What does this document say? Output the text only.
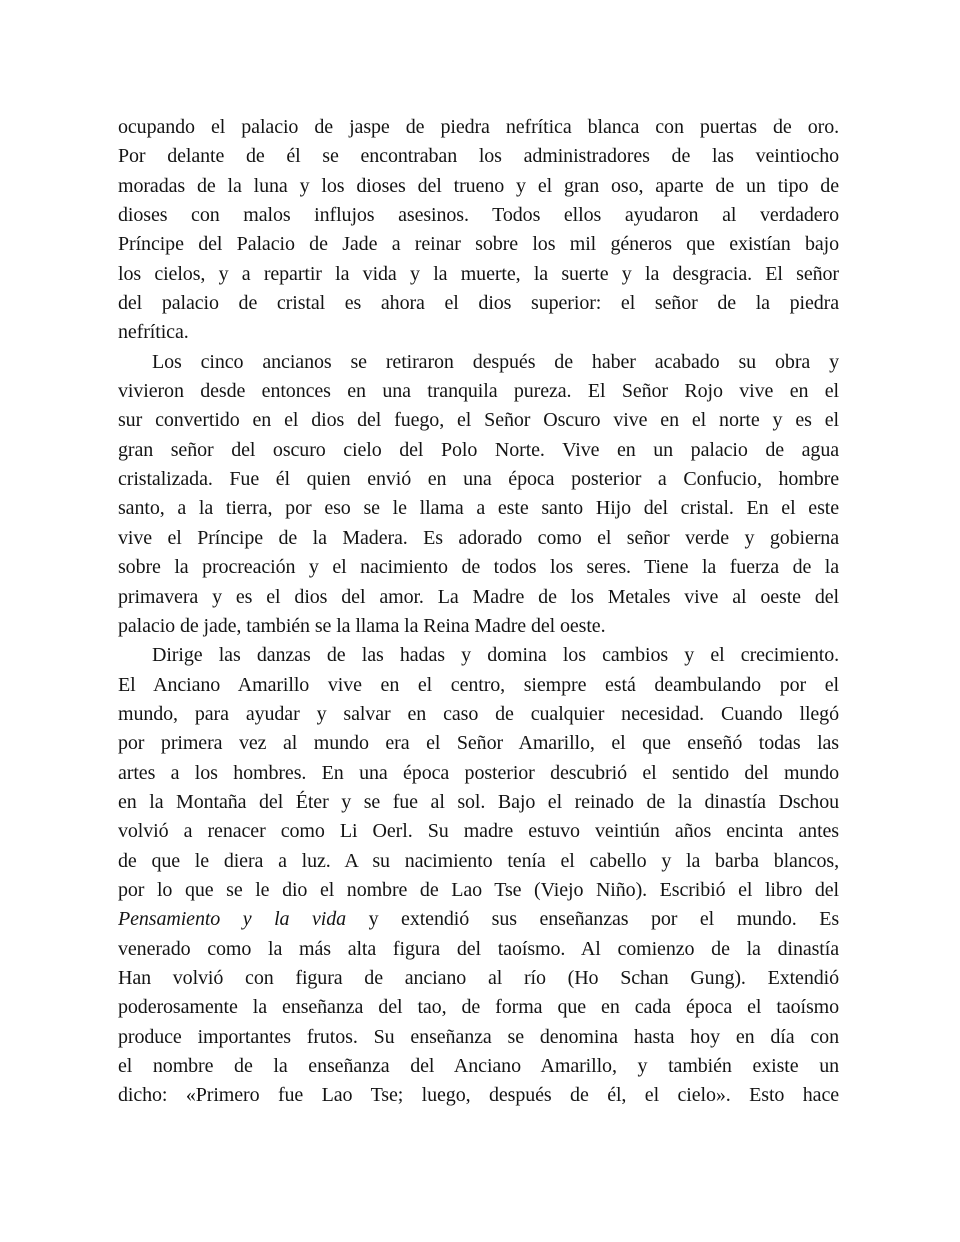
ocupando el palacio de jaspe de piedra nefrítica blanca con puertas de oro.
Por delante de él se encontraban los administradores de las veintiocho
moradas de la luna y los dioses del trueno y el gran oso, aparte de un tipo de
dioses con malos influjos asesinos. Todos ellos ayudaron al verdadero
Príncipe del Palacio de Jade a reinar sobre los mil géneros que existían bajo
los cielos, y a repartir la vida y la muerte, la suerte y la desgracia. El señor
del palacio de cristal es ahora el dios superior: el señor de la piedra
nefrítica.
Los cinco ancianos se retiraron después de haber acabado su obra y
vivieron desde entonces en una tranquila pureza. El Señor Rojo vive en el
sur convertido en el dios del fuego, el Señor Oscuro vive en el norte y es el
gran señor del oscuro cielo del Polo Norte. Vive en un palacio de agua
cristalizada. Fue él quien envió en una época posterior a Confucio, hombre
santo, a la tierra, por eso se le llama a este santo Hijo del cristal. En el este
vive el Príncipe de la Madera. Es adorado como el señor verde y gobierna
sobre la procreación y el nacimiento de todos los seres. Tiene la fuerza de la
primavera y es el dios del amor. La Madre de los Metales vive al oeste del
palacio de jade, también se la llama la Reina Madre del oeste.
Dirige las danzas de las hadas y domina los cambios y el crecimiento.
El Anciano Amarillo vive en el centro, siempre está deambulando por el
mundo, para ayudar y salvar en caso de cualquier necesidad. Cuando llegó
por primera vez al mundo era el Señor Amarillo, el que enseñó todas las
artes a los hombres. En una época posterior descubrió el sentido del mundo
en la Montaña del Éter y se fue al sol. Bajo el reinado de la dinastía Dschou
volvió a renacer como Li Oerl. Su madre estuvo veintiún años encinta antes
de que le diera a luz. A su nacimiento tenía el cabello y la barba blancos,
por lo que se le dio el nombre de Lao Tse (Viejo Niño). Escribió el libro del
Pensamiento y la vida y extendió sus enseñanzas por el mundo. Es
venerado como la más alta figura del taoísmo. Al comienzo de la dinastía
Han volvió con figura de anciano al río (Ho Schan Gung). Extendió
poderosamente la enseñanza del tao, de forma que en cada época el taoísmo
produce importantes frutos. Su enseñanza se denomina hasta hoy en día con
el nombre de la enseñanza del Anciano Amarillo, y también existe un
dicho: «Primero fue Lao Tse; luego, después de él, el cielo». Esto hace
